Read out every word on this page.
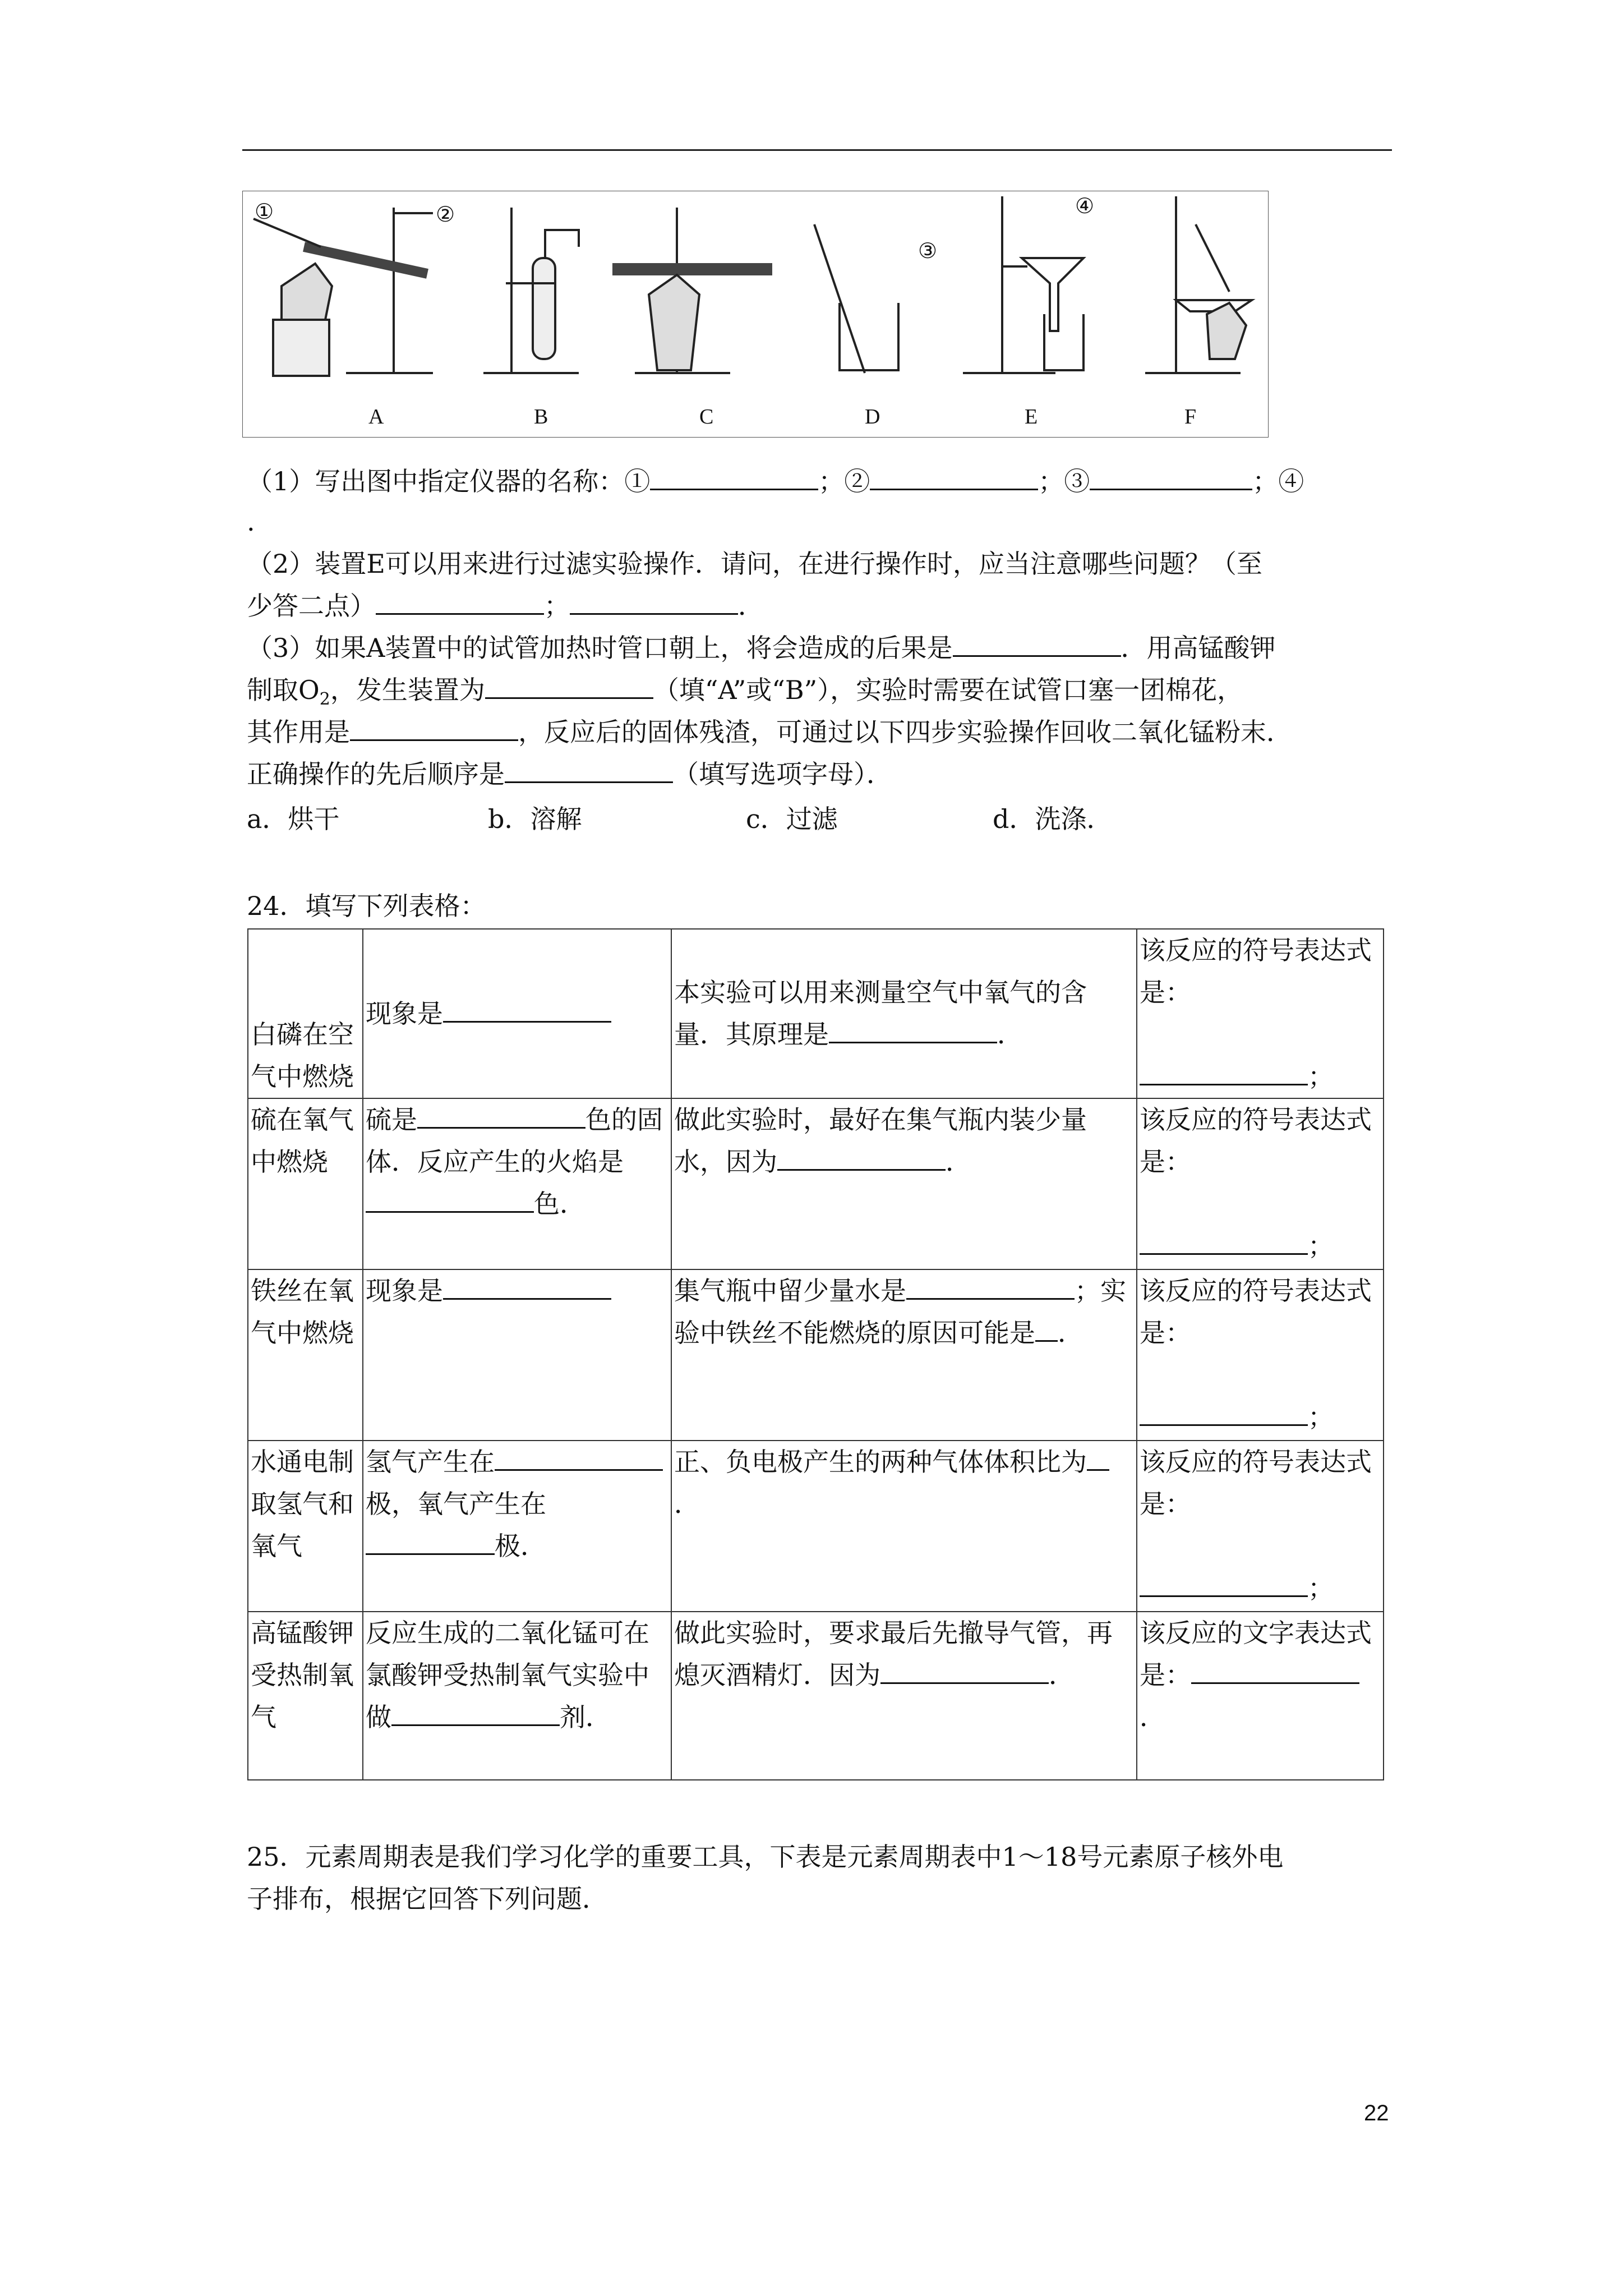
①	②
③
④
A	B	C	D	E	F
（1）写出图中指定仪器的名称：①	；②	；③	；④
.
（2）装置E可以用来进行过滤实验操作．请问，在进行操作时，应当注意哪些问题？（至
少答二点）	；	．
（3）如果A装置中的试管加热时管口朝上，将会造成的后果是	．用高锰酸钾
制取$O_2$，发生装置为	（填“A”或“B”），实验时需要在试管口塞一团棉花，
其作用是	，反应后的固体残渣，可通过以下四步实验操作回收二氧化锰粉末．
正确操作的先后顺序是	（填写选项字母）．
a．烘干	b．溶解	c．过滤	d．洗涤．
24．填写下列表格：
白磷在空气中燃烧	现象是	本实验可以用来测量空气中氧气的含量．其原理是 ．	该反应的符号表达式是：

；
硫在氧气中燃烧	硫是 色的固体．反应产生的火焰是色．	做此实验时，最好在集气瓶内装少量水，因为 ．	该反应的符号表达式是：

；
铁丝在氧气中燃烧	现象是	集气瓶中留少量水是 ；实验中铁丝不能燃烧的原因可能是 ．	该反应的符号表达式是：

；
水通电制取氢气和氧气	氢气产生在极，氧气产生在极．	正、负电极产生的两种气体体积比为．	该反应的符号表达式是：

；
高锰酸钾受热制氧气	反应生成的二氧化锰可在氯酸钾受热制氧气实验中做 剂．	做此实验时，要求最后先撤导气管，再熄灭酒精灯．因为 ．	该反应的文字表达式是：．
25．元素周期表是我们学习化学的重要工具，下表是元素周期表中1～18号元素原子核外电
子排布，根据它回答下列问题．
22
